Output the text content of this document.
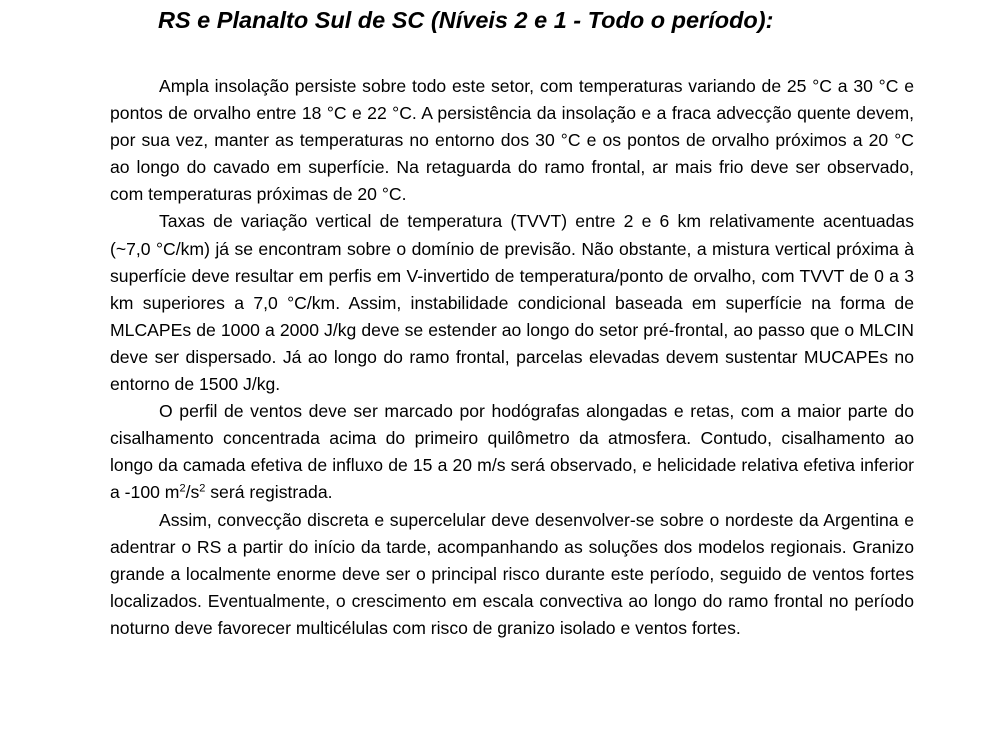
RS e Planalto Sul de SC (Níveis 2 e 1 - Todo o período):

Ampla insolação persiste sobre todo este setor, com temperaturas variando de 25 °C a 30 °C e pontos de orvalho entre 18 °C e 22 °C. A persistência da insolação e a fraca advecção quente devem, por sua vez, manter as temperaturas no entorno dos 30 °C e os pontos de orvalho próximos a 20 °C ao longo do cavado em superfície. Na retaguarda do ramo frontal, ar mais frio deve ser observado, com temperaturas próximas de 20 °C.

Taxas de variação vertical de temperatura (TVVT) entre 2 e 6 km relativamente acentuadas (~7,0 °C/km) já se encontram sobre o domínio de previsão. Não obstante, a mistura vertical próxima à superfície deve resultar em perfis em V-invertido de temperatura/ponto de orvalho, com TVVT de 0 a 3 km superiores a 7,0 °C/km. Assim, instabilidade condicional baseada em superfície na forma de MLCAPEs de 1000 a 2000 J/kg deve se estender ao longo do setor pré-frontal, ao passo que o MLCIN deve ser dispersado. Já ao longo do ramo frontal, parcelas elevadas devem sustentar MUCAPEs no entorno de 1500 J/kg.

O perfil de ventos deve ser marcado por hodógrafas alongadas e retas, com a maior parte do cisalhamento concentrada acima do primeiro quilômetro da atmosfera. Contudo, cisalhamento ao longo da camada efetiva de influxo de 15 a 20 m/s será observado, e helicidade relativa efetiva inferior a -100 $m^2/s^2$ será registrada.

Assim, convecção discreta e supercelular deve desenvolver-se sobre o nordeste da Argentina e adentrar o RS a partir do início da tarde, acompanhando as soluções dos modelos regionais. Granizo grande a localmente enorme deve ser o principal risco durante este período, seguido de ventos fortes localizados. Eventualmente, o crescimento em escala convectiva ao longo do ramo frontal no período noturno deve favorecer multicélulas com risco de granizo isolado e ventos fortes.
